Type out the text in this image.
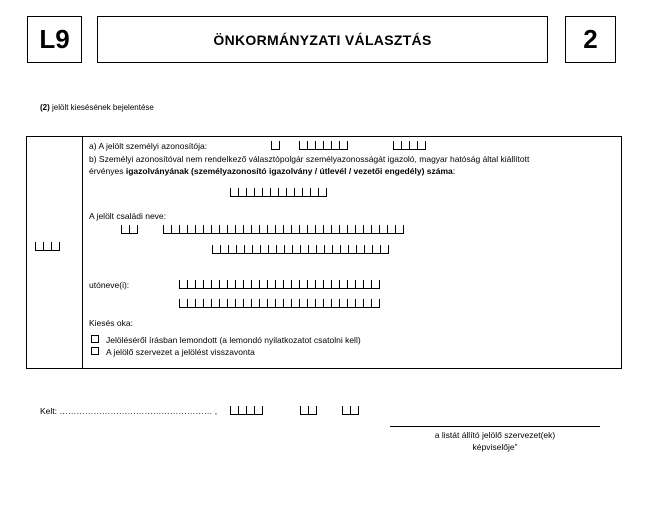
L9	ÖNKORMÁNYZATI VÁLASZTÁS	2
(2) jelölt kiesésének bejelentése
a) A jelölt személyi azonosítója:
b) Személyi azonosítóval nem rendelkező választópolgár személyazonosságát igazoló, magyar hatóság által kiállított
érvényes igazolványának (személyazonosító igazolvány / útlevél / vezetői engedély) száma:
A jelölt családi neve:
utóneve(i):
Kiesés oka:
Jelöléséről írásban lemondott (a lemondó nyilatkozatot csatolni kell)
A jelölő szervezet a jelölést visszavonta
Kelt: ……………………………………………… ,
a listát állító jelölő szervezet(ek)
képviselője”
